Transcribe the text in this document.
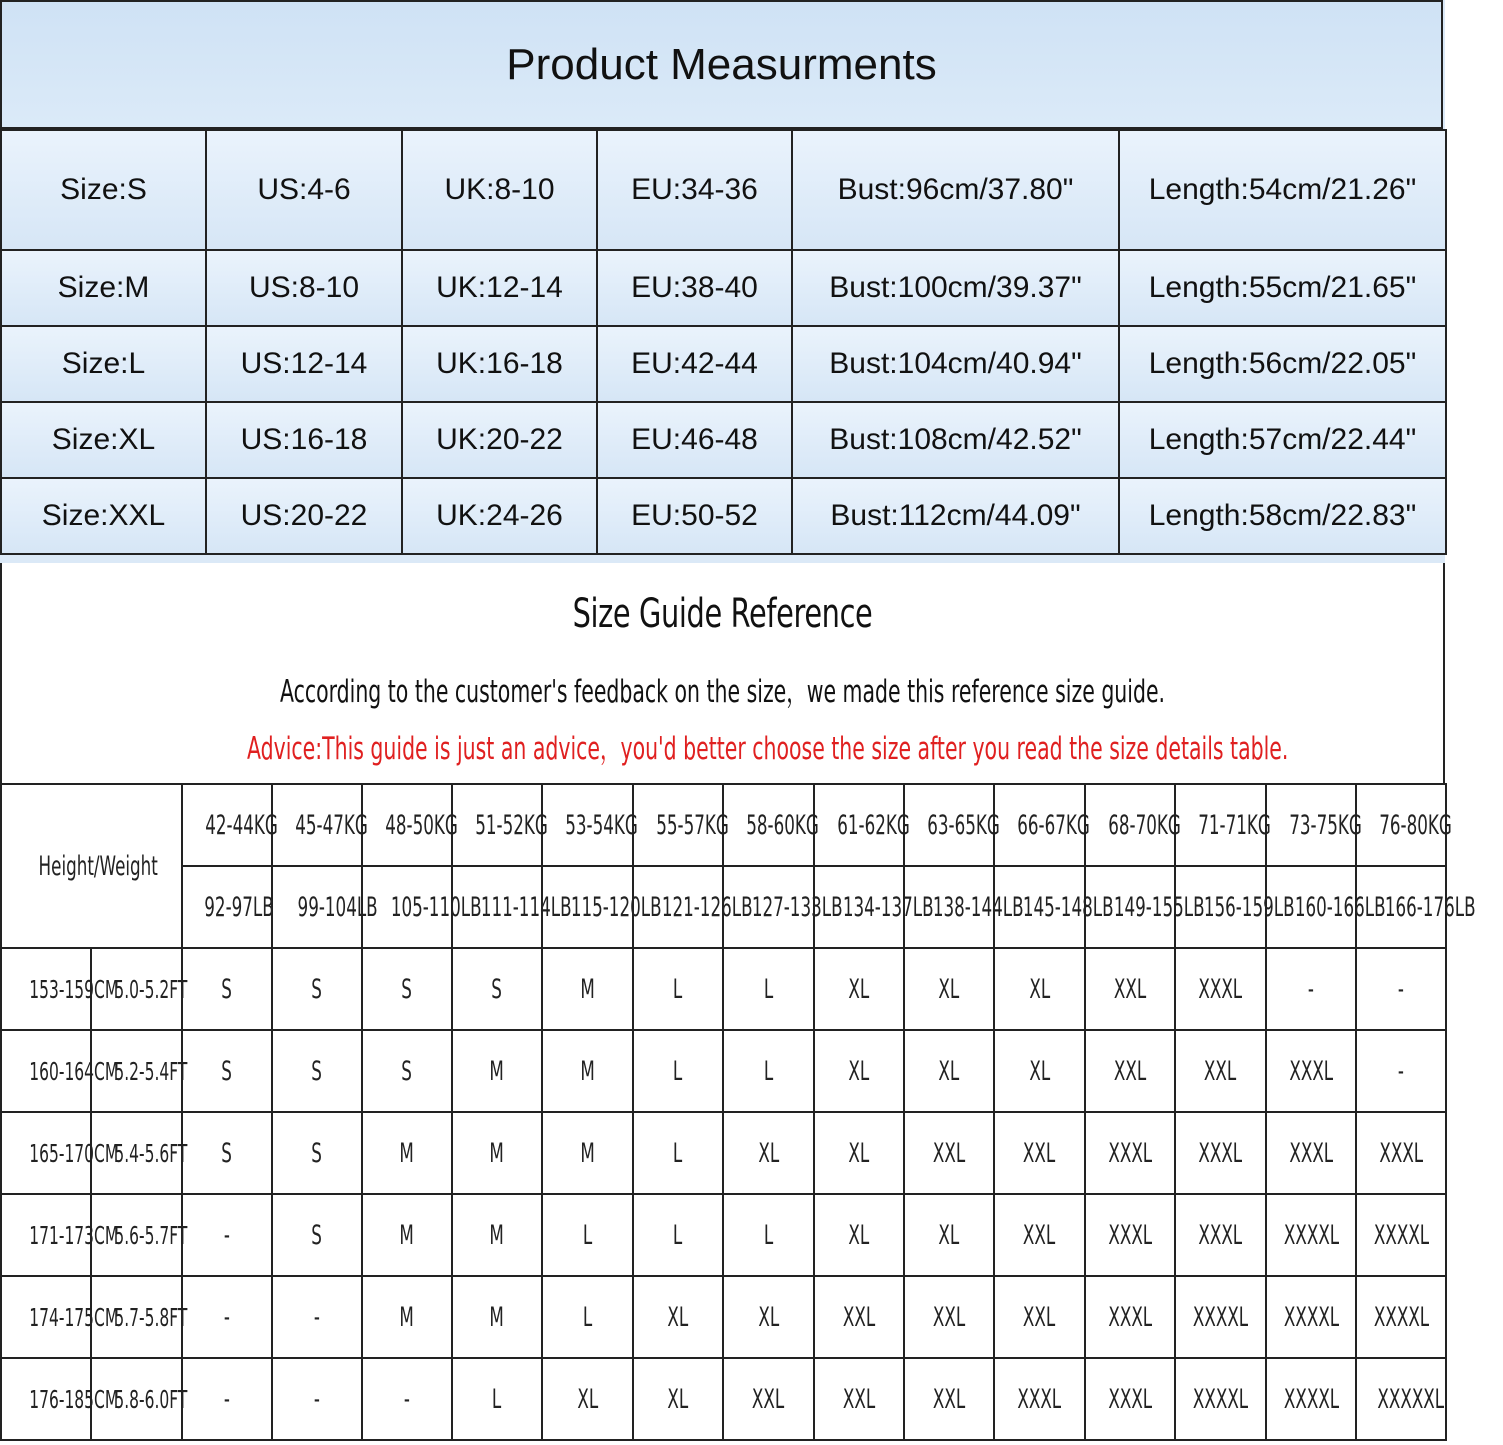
Product Measurments
Size:S	US:4-6	UK:8-10	EU:34-36	Bust:96cm/37.80"	Length:54cm/21.26"
Size:M	US:8-10	UK:12-14	EU:38-40	Bust:100cm/39.37"	Length:55cm/21.65"
Size:L	US:12-14	UK:16-18	EU:42-44	Bust:104cm/40.94"	Length:56cm/22.05"
Size:XL	US:16-18	UK:20-22	EU:46-48	Bust:108cm/42.52"	Length:57cm/22.44"
Size:XXL	US:20-22	UK:24-26	EU:50-52	Bust:112cm/44.09"	Length:58cm/22.83"
Size Guide Reference
According to the customer's feedback on the size，we made this reference size guide.
Advice:This guide is just an advice，you'd better choose the size after you read the size details table.
Height/Weight		42-44KG	45-47KG	48-50KG	51-52KG	53-54KG	55-57KG	58-60KG	61-62KG	63-65KG	66-67KG	68-70KG	71-71KG	73-75KG	76-80KG
		92-97LB	99-104LB	105-110LB	111-114LB	115-120LB	121-126LB	127-133LB	134-137LB	138-144LB	145-148LB	149-155LB	156-159LB	160-166LB	166-176LB
153-159CM	5.0-5.2FT	S	S	S	S	M	L	L	XL	XL	XL	XXL	XXXL	-	-
160-164CM	5.2-5.4FT	S	S	S	M	M	L	L	XL	XL	XL	XXL	XXL	XXXL	-
165-170CM	5.4-5.6FT	S	S	M	M	M	L	XL	XL	XXL	XXL	XXXL	XXXL	XXXL	XXXL
171-173CM	5.6-5.7FT	-	S	M	M	L	L	L	XL	XL	XXL	XXXL	XXXL	XXXXL	XXXXL
174-175CM	5.7-5.8FT	-	-	M	M	L	XL	XL	XXL	XXL	XXL	XXXL	XXXXL	XXXXL	XXXXL
176-185CM	5.8-6.0FT	-	-	-	L	XL	XL	XXL	XXL	XXL	XXXL	XXXL	XXXXL	XXXXL	XXXXXL
